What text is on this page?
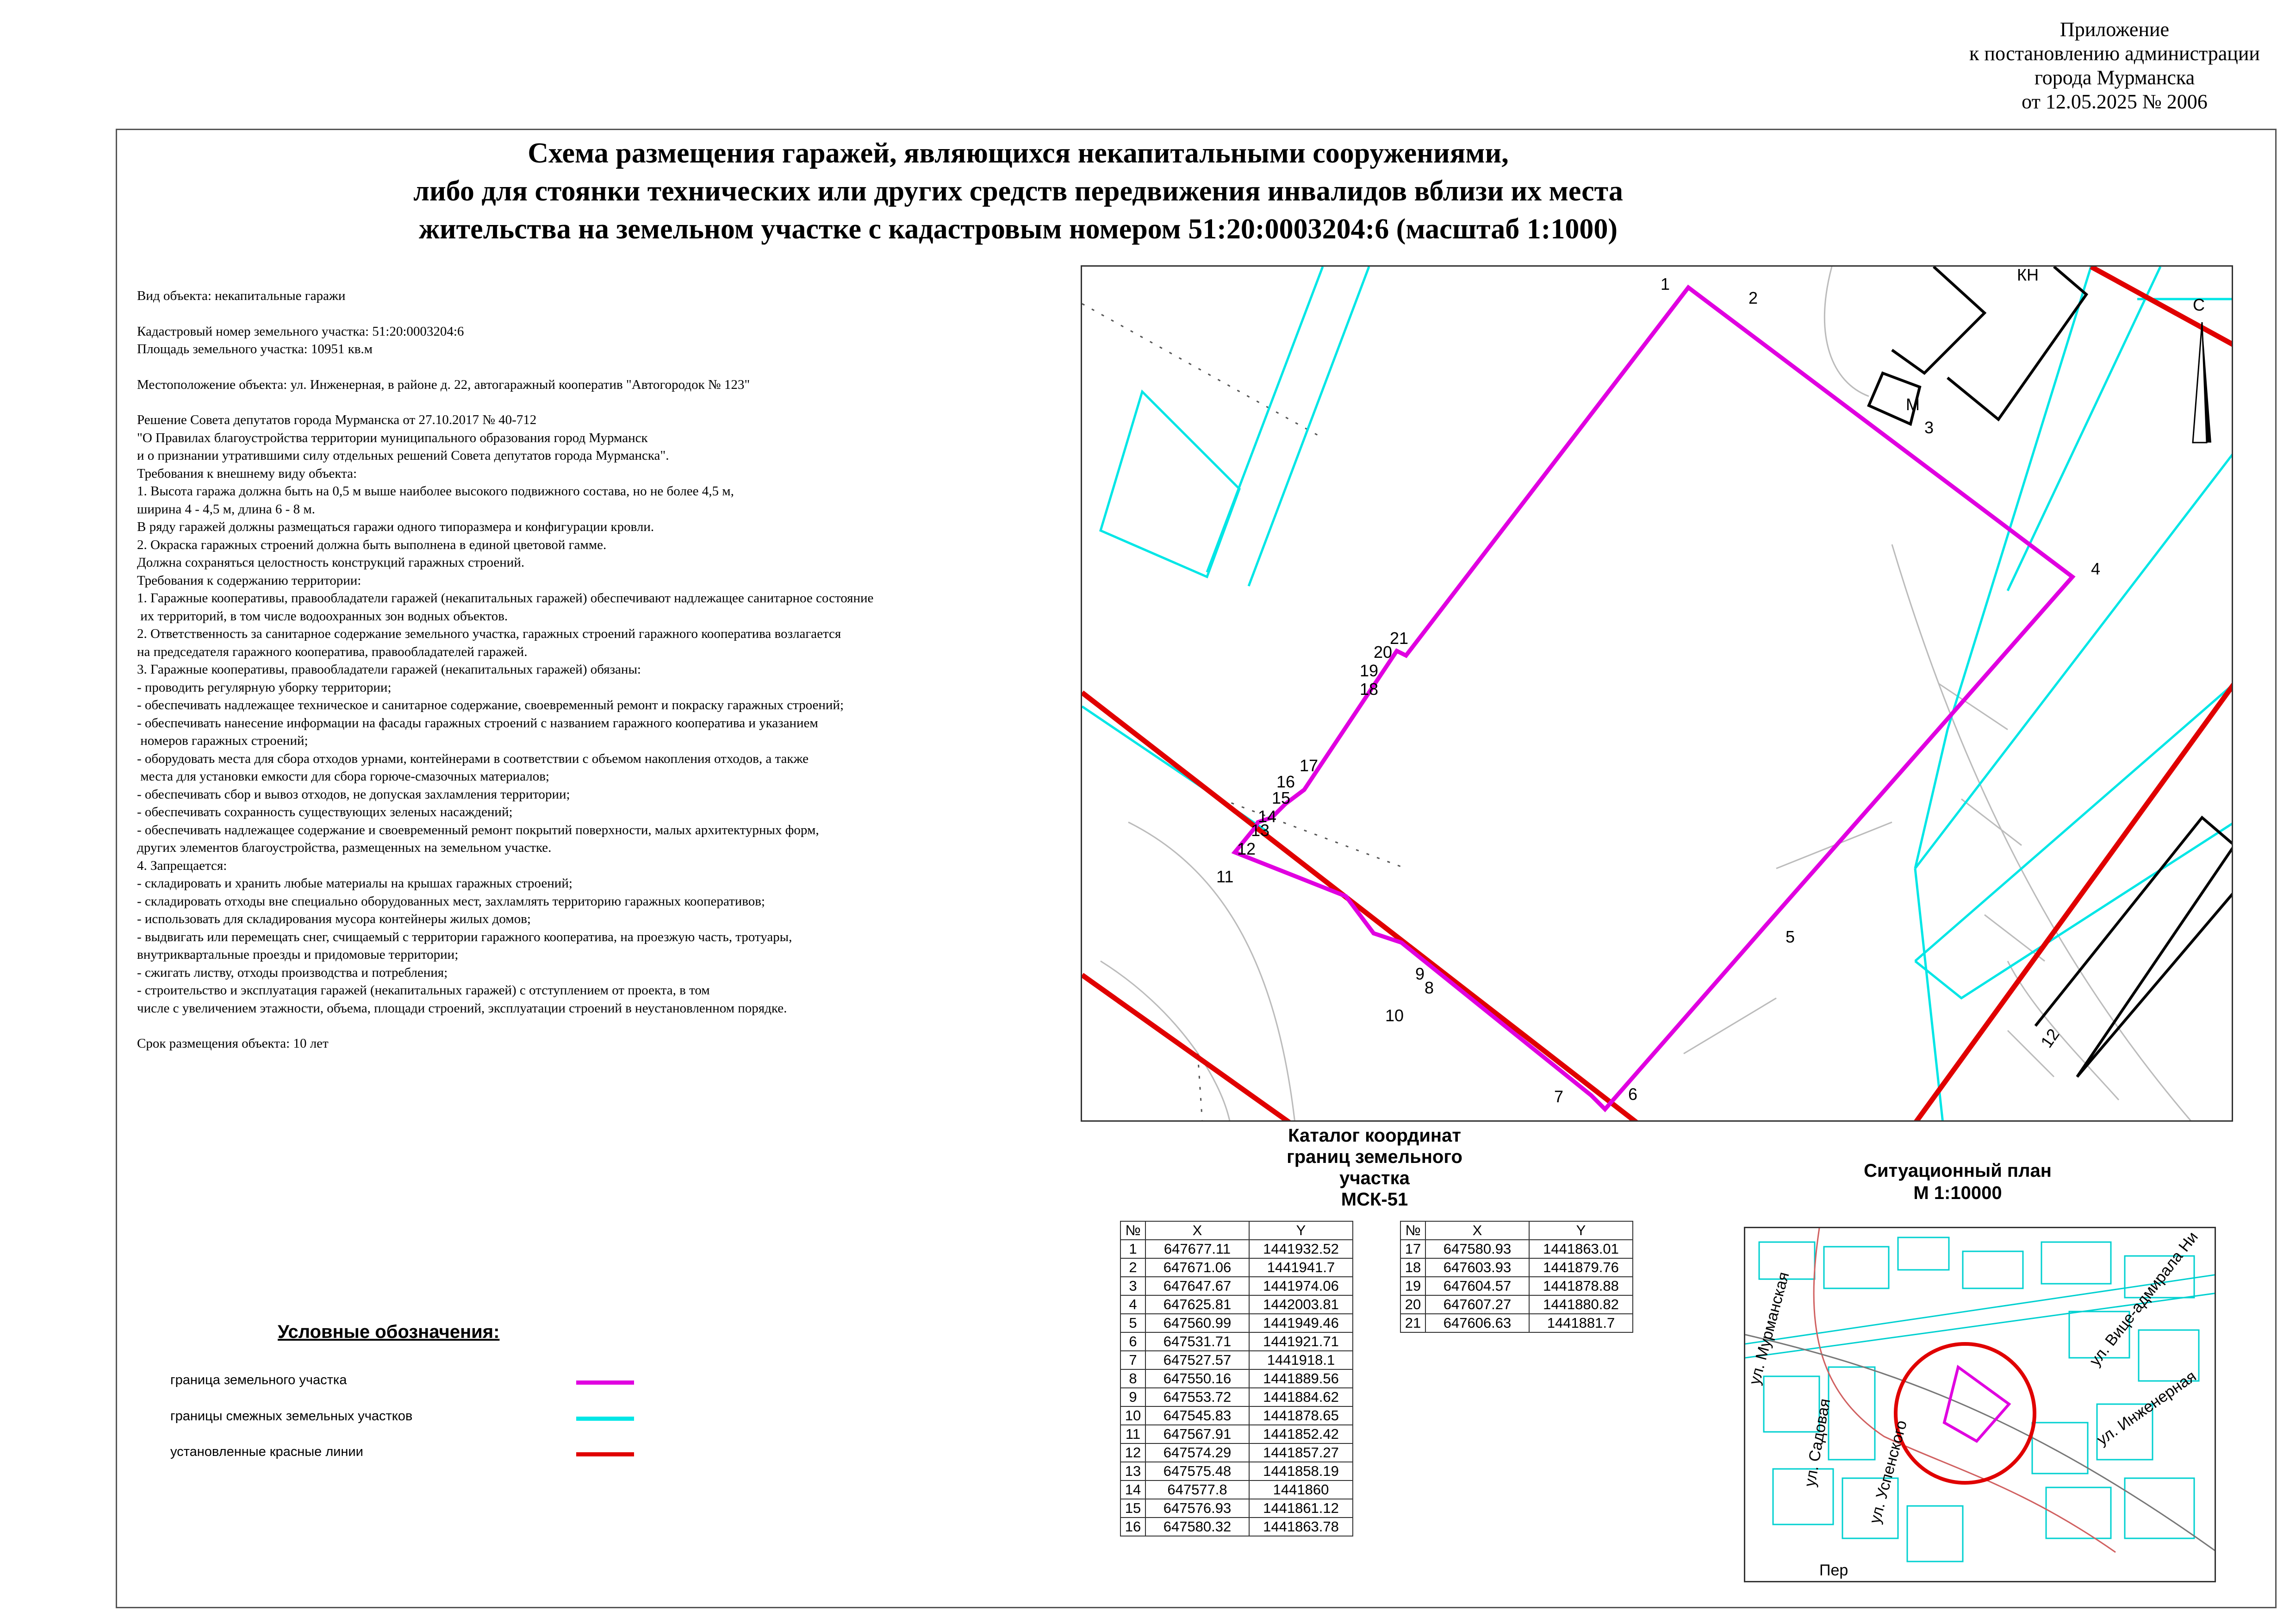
Приложение
к постановлению администрации
города Мурманска
от 12.05.2025 № 2006
Схема размещения гаражей, являющихся некапитальными сооружениями,
либо для стоянки технических или других средств передвижения инвалидов вблизи их места
жительства на земельном участке с кадастровым номером 51:20:0003204:6 (масштаб 1:1000)
Вид объекта: некапитальные гаражи
Кадастровый номер земельного участка: 51:20:0003204:6
Площадь земельного участка: 10951 кв.м
Местоположение объекта: ул. Инженерная, в районе д. 22, автогаражный кооператив "Автогородок № 123"
Решение Совета депутатов города Мурманска от 27.10.2017 № 40-712
"О Правилах благоустройства территории муниципального образования город Мурманск
и о признании утратившими силу отдельных решений Совета депутатов города Мурманска".
Требования к внешнему виду объекта:
1. Высота гаража должна быть на 0,5 м выше наиболее высокого подвижного состава, но не более 4,5 м,
ширина 4 - 4,5 м, длина 6 - 8 м.
В ряду гаражей должны размещаться гаражи одного типоразмера и конфигурации кровли.
2. Окраска гаражных строений должна быть выполнена в единой цветовой гамме.
Должна сохраняться целостность конструкций гаражных строений.
Требования к содержанию территории:
1. Гаражные кооперативы, правообладатели гаражей (некапитальных гаражей) обеспечивают надлежащее санитарное состояние
их территорий, в том числе водоохранных зон водных объектов.
2. Ответственность за санитарное содержание земельного участка, гаражных строений гаражного кооператива возлагается
на председателя гаражного кооператива, правообладателей гаражей.
3. Гаражные кооперативы, правообладатели гаражей (некапитальных гаражей) обязаны:
- проводить регулярную уборку территории;
- обеспечивать надлежащее техническое и санитарное содержание, своевременный ремонт и покраску гаражных строений;
- обеспечивать нанесение информации на фасады гаражных строений с названием гаражного кооператива и указанием
номеров гаражных строений;
- оборудовать места для сбора отходов урнами, контейнерами в соответствии с объемом накопления отходов, а также
места для установки емкости для сбора горюче-смазочных материалов;
- обеспечивать сбор и вывоз отходов, не допуская захламления территории;
- обеспечивать сохранность существующих зеленых насаждений;
- обеспечивать надлежащее содержание и своевременный ремонт покрытий поверхности, малых архитектурных форм,
других элементов благоустройства, размещенных на земельном участке.
4. Запрещается:
- складировать и хранить любые материалы на крышах гаражных строений;
- складировать отходы вне специально оборудованных мест, захламлять территорию гаражных кооперативов;
- использовать для складирования мусора контейнеры жилых домов;
- выдвигать или перемещать снег, счищаемый с территории гаражного кооператива, на проезжую часть, тротуары,
внутриквартальные проезды и придомовые территории;
- сжигать листву, отходы производства и потребления;
- строительство и эксплуатация гаражей (некапитальных гаражей) с отступлением от проекта, в том
числе с увеличением этажности, объема, площади строений, эксплуатации строений в неустановленном порядке.
Срок размещения объекта: 10 лет
1
2
3
4
5
6
7
8
9
10
11
12
13
14
15
16
17
18
19
20
21
12
С
М
КН
Каталог координат
границ земельного
участка
МСК-51
№	X	Y
1	647677.11	1441932.52
2	647671.06	1441941.7
3	647647.67	1441974.06
4	647625.81	1442003.81
5	647560.99	1441949.46
6	647531.71	1441921.71
7	647527.57	1441918.1
8	647550.16	1441889.56
9	647553.72	1441884.62
10	647545.83	1441878.65
11	647567.91	1441852.42
12	647574.29	1441857.27
13	647575.48	1441858.19
14	647577.8	1441860
15	647576.93	1441861.12
16	647580.32	1441863.78
№	X	Y
17	647580.93	1441863.01
18	647603.93	1441879.76
19	647604.57	1441878.88
20	647607.27	1441880.82
21	647606.63	1441881.7
Условные обозначения:
граница земельного участка
границы смежных земельных участков
установленные красные линии
Ситуационный план
М 1:10000
ул. Мурманская
ул. Садовая ул. Успенского
ул. Инженерная
ул. Вице-адмирала Ни
Пер
